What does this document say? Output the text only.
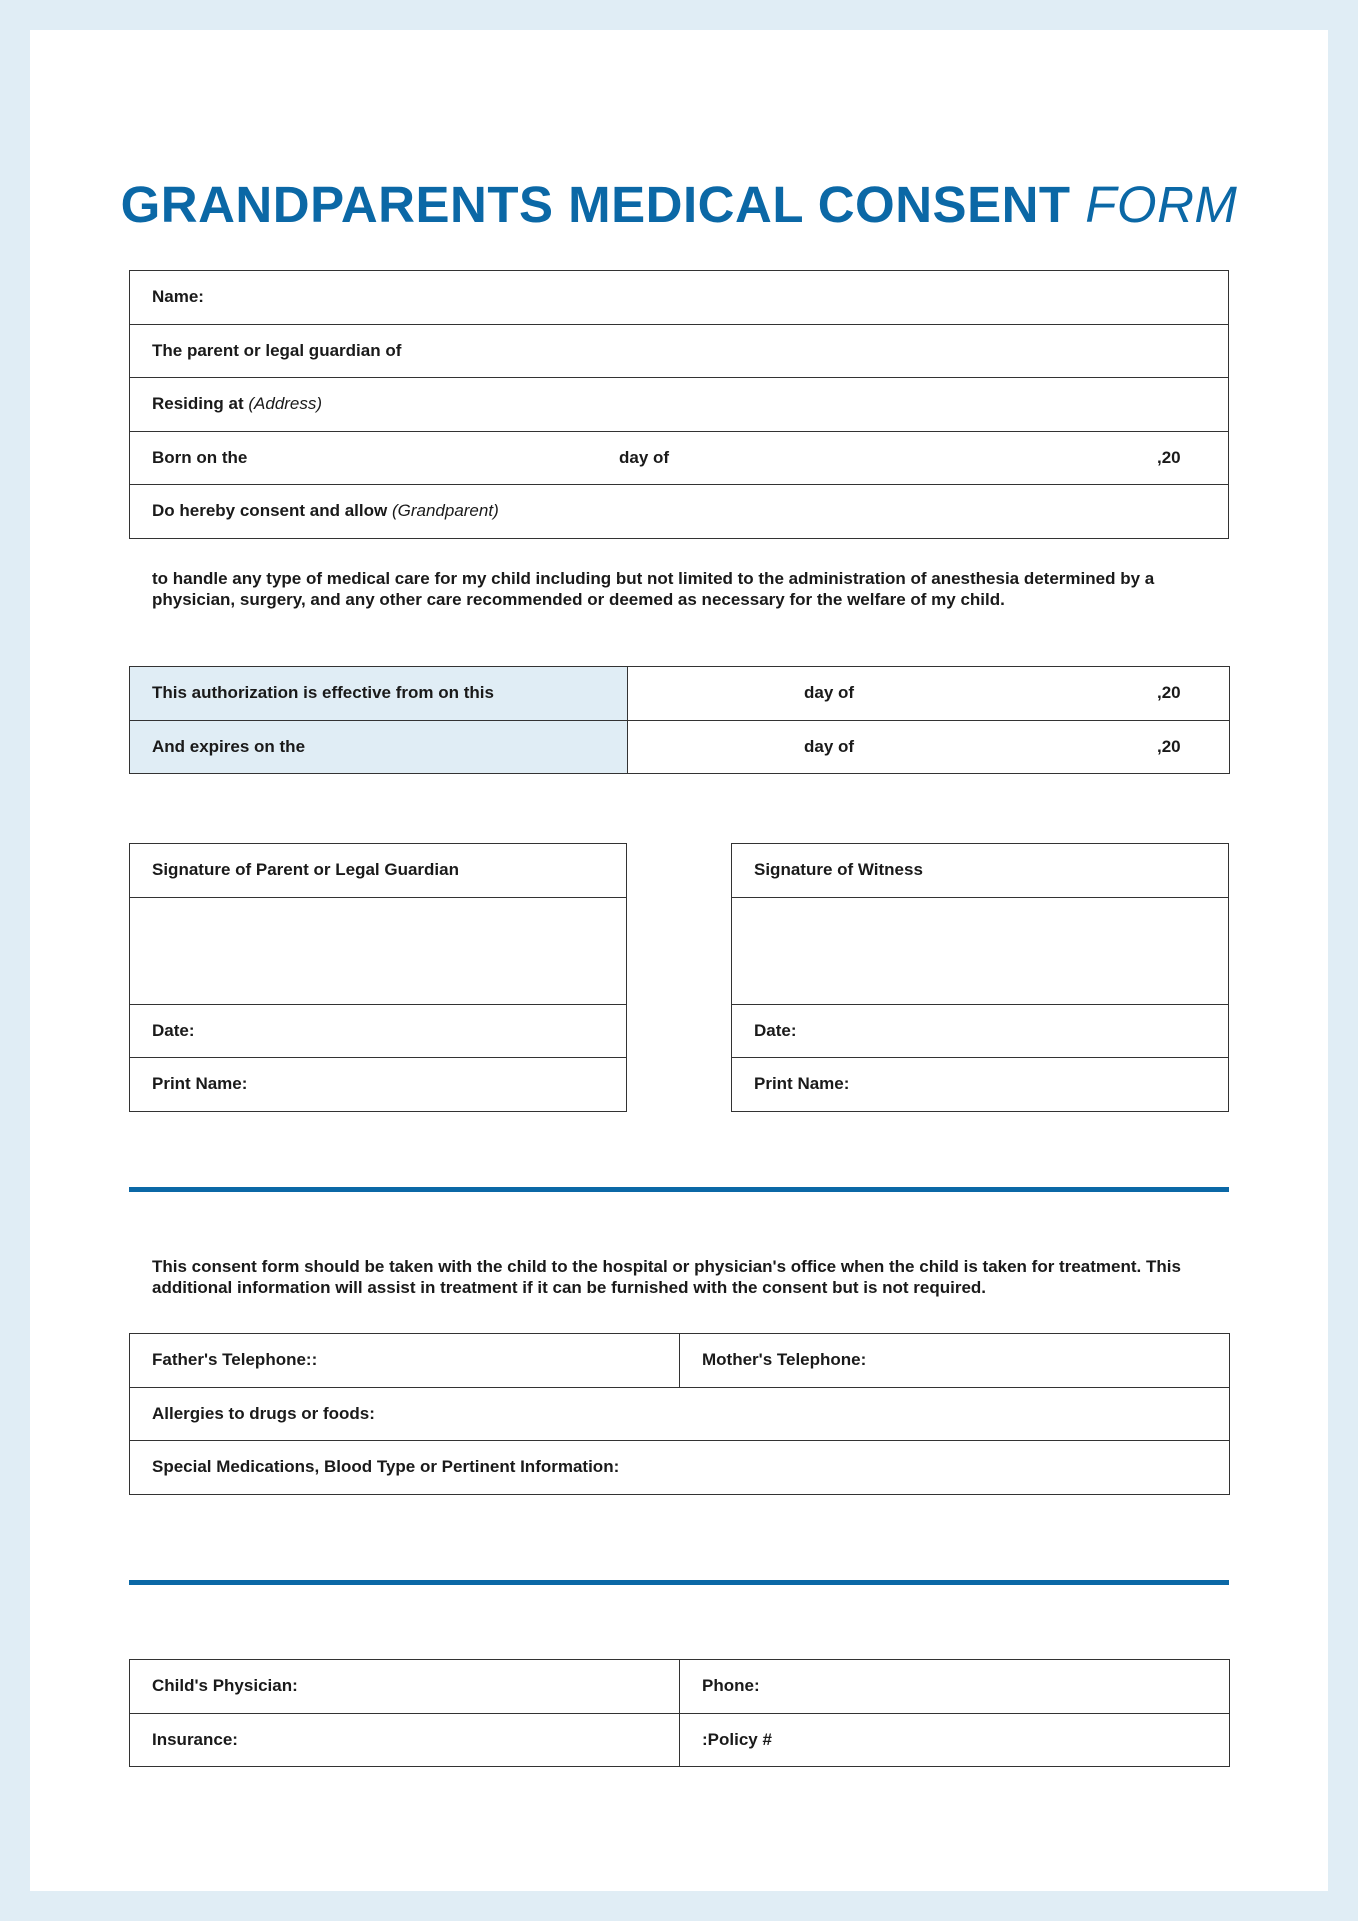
GRANDPARENTS MEDICAL CONSENT FORM
Name:
The parent or legal guardian of
Residing at (Address)
Born on the	day of	,20

Do hereby consent and allow (Grandparent)
to handle any type of medical care for my child including but not limited to the administration of anesthesia determined by a physician, surgery, and any other care recommended or deemed as necessary for the welfare of my child.
This authorization is effective from on this	day of ,20

And expires on the	day of ,20
Signature of Parent or Legal Guardian

Date:
Print Name:
Signature of Witness

Date:
Print Name:
This consent form should be taken with the child to the hospital or physician's office when the child is taken for treatment. This additional information will assist in treatment if it can be furnished with the consent but is not required.
Father's Telephone::	Mother's Telephone:
Allergies to drugs or foods:
Special Medications, Blood Type or Pertinent Information:
Child's Physician:	Phone:
Insurance:	:Policy #
